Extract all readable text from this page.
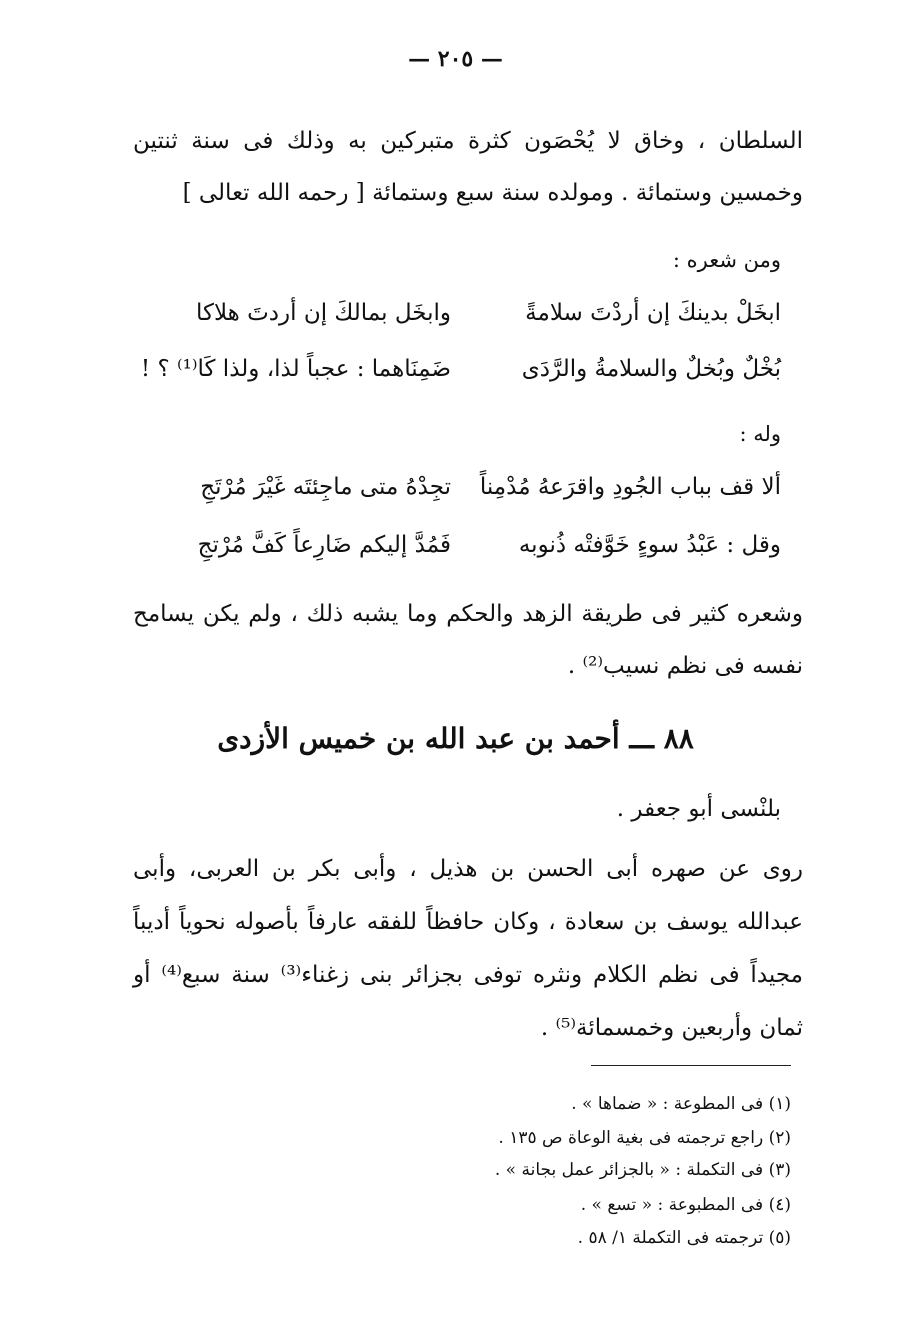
— ٢٠٥ —
السلطان ، وخاق لا يُحْصَون كثرة متبركين به وذلك فى سنة ثنتين وخمسين وستمائة . ومولده سنة سبع وستمائة [ رحمه الله تعالى ]
ومن شعره :
ابخَلْ بدينكَ إن أردْتَ سلامةً
وابخَل بمالكَ إن أردتَ هلاكا
بُخْلٌ وبُخلٌ والسلامةُ والرَّدَى
ضَمِنَاهما : عجباً لذا، ولذا كَا⁽¹⁾ ؟ !
وله :
ألا قف بباب الجُودِ واقرَعهُ مُدْمِناً
تجِدْهُ متى ماجِئتَه غَيْرَ مُرْتَجِ
وقل : عَبْدُ سوءٍ خَوَّفتْه ذُنوبه
فَمُدَّ إليكم ضَارِعاً كَفَّ مُرْتجِ
وشعره كثير فى طريقة الزهد والحكم وما يشبه ذلك ، ولم يكن يسامح نفسه فى نظم نسيب⁽²⁾ .
٨٨ ـــ أحمد بن عبد الله بن خميس الأزدى
بلنْسى أبو جعفر .
روى عن صهره أبى الحسن بن هذيل ، وأبى بكر بن العربى، وأبى عبدالله يوسف بن سعادة ، وكان حافظاً للفقه عارفاً بأصوله نحوياً أديباً مجيداً فى نظم الكلام ونثره توفى بجزائر بنى زغناء⁽³⁾ سنة سبع⁽⁴⁾ أو ثمان وأربعين وخمسمائة⁽⁵⁾ .
(١) فى المطوعة : « ضماها » .
(٢) راجع ترجمته فى بغية الوعاة ص ١٣٥ .
(٣) فى التكملة : « بالجزائر عمل بجانة » .
(٤) فى المطبوعة : « تسع » .
(٥) ترجمته فى التكملة ١/ ٥٨ .
